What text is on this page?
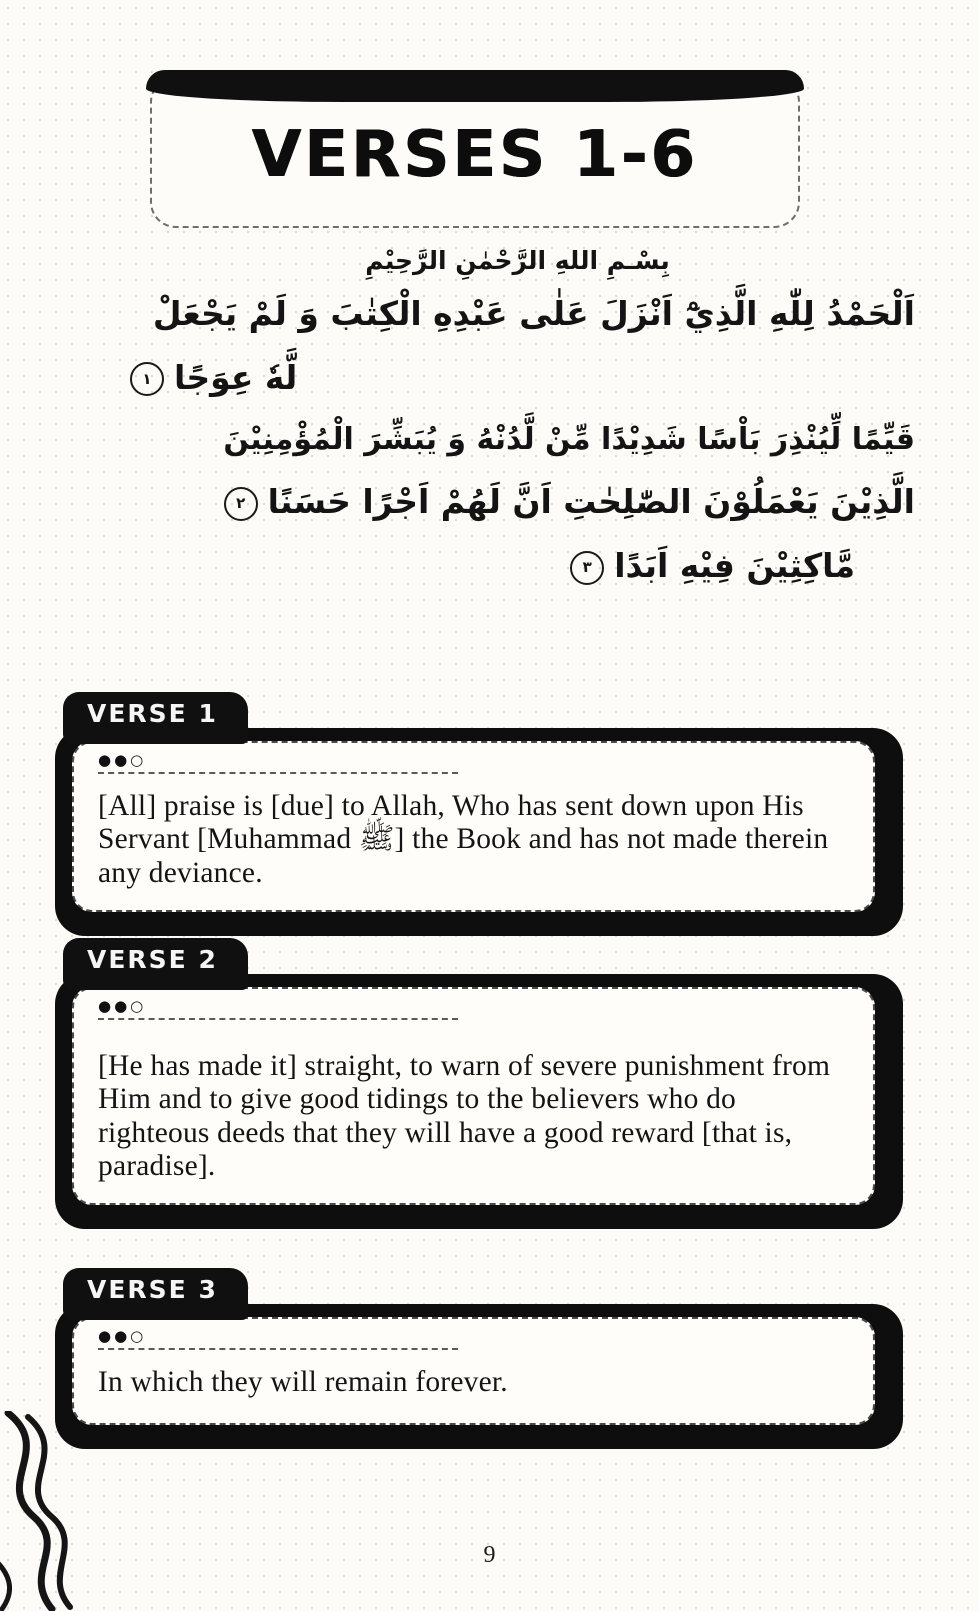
VERSES 1-6

بِسْـمِ اللهِ الرَّحْمٰنِ الرَّحِيْمِ

اَلْحَمْدُ لِلّٰهِ الَّذِيْٓ اَنْزَلَ عَلٰى عَبْدِهِ الْكِتٰبَ وَ لَمْ يَجْعَلْ
لَّهٗ عِوَجًا١
قَيِّمًا لِّيُنْذِرَ بَاْسًا شَدِيْدًا مِّنْ لَّدُنْهُ وَ يُبَشِّرَ الْمُؤْمِنِيْنَ
الَّذِيْنَ يَعْمَلُوْنَ الصّٰلِحٰتِ اَنَّ لَهُمْ اَجْرًا حَسَنًا٢
مَّاكِثِيْنَ فِيْهِ اَبَدًا٣
VERSE 1
●●○

[All] praise is [due] to Allah, Who has sent down upon His Servant [Muhammad ﷺ] the Book and has not made therein any deviance.

VERSE 2
●●○

[He has made it] straight, to warn of severe punishment from Him and to give good tidings to the believers who do righteous deeds that they will have a good reward [that is, paradise].

VERSE 3
●●○

In which they will remain forever.

9
